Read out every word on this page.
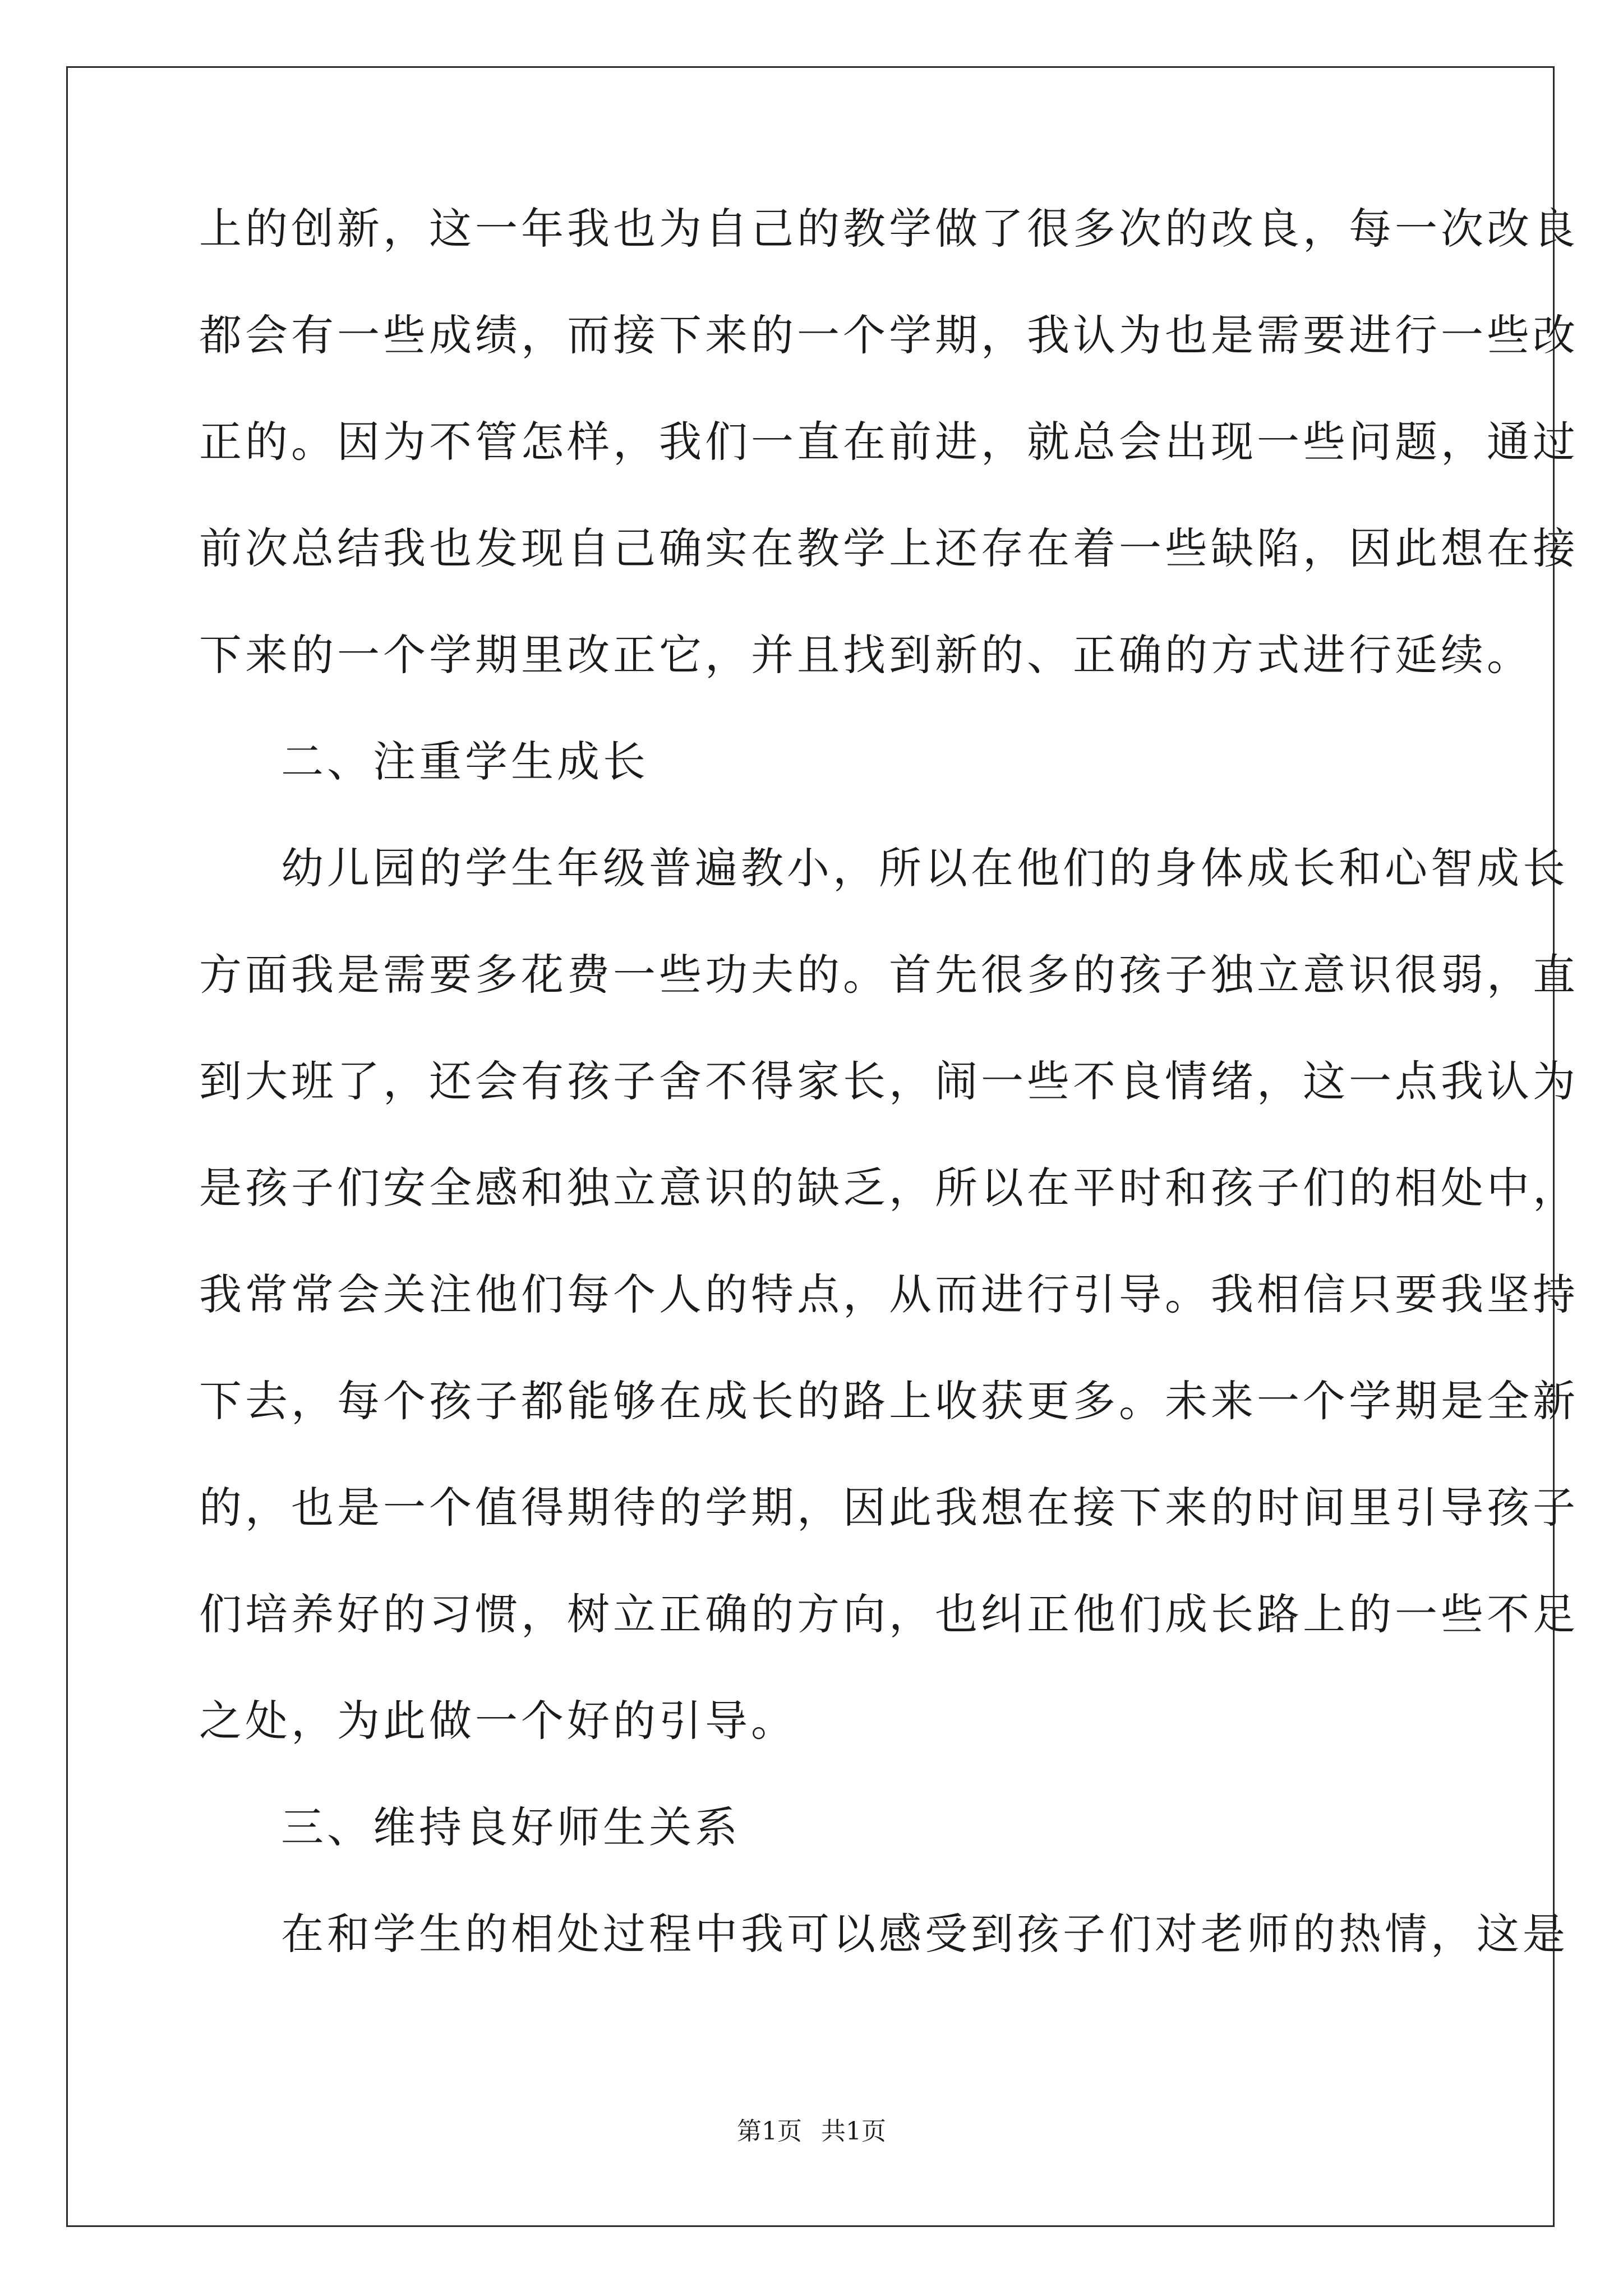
上的创新，这一年我也为自己的教学做了很多次的改良，每一次改良
都会有一些成绩，而接下来的一个学期，我认为也是需要进行一些改
正的。因为不管怎样，我们一直在前进，就总会出现一些问题，通过
前次总结我也发现自己确实在教学上还存在着一些缺陷，因此想在接
下来的一个学期里改正它，并且找到新的、正确的方式进行延续。
二、注重学生成长
幼儿园的学生年级普遍教小，所以在他们的身体成长和心智成长
方面我是需要多花费一些功夫的。首先很多的孩子独立意识很弱，直
到大班了，还会有孩子舍不得家长，闹一些不良情绪，这一点我认为
是孩子们安全感和独立意识的缺乏，所以在平时和孩子们的相处中，
我常常会关注他们每个人的特点，从而进行引导。我相信只要我坚持
下去，每个孩子都能够在成长的路上收获更多。未来一个学期是全新
的，也是一个值得期待的学期，因此我想在接下来的时间里引导孩子
们培养好的习惯，树立正确的方向，也纠正他们成长路上的一些不足
之处，为此做一个好的引导。
三、维持良好师生关系
在和学生的相处过程中我可以感受到孩子们对老师的热情，这是
第1页 共1页
